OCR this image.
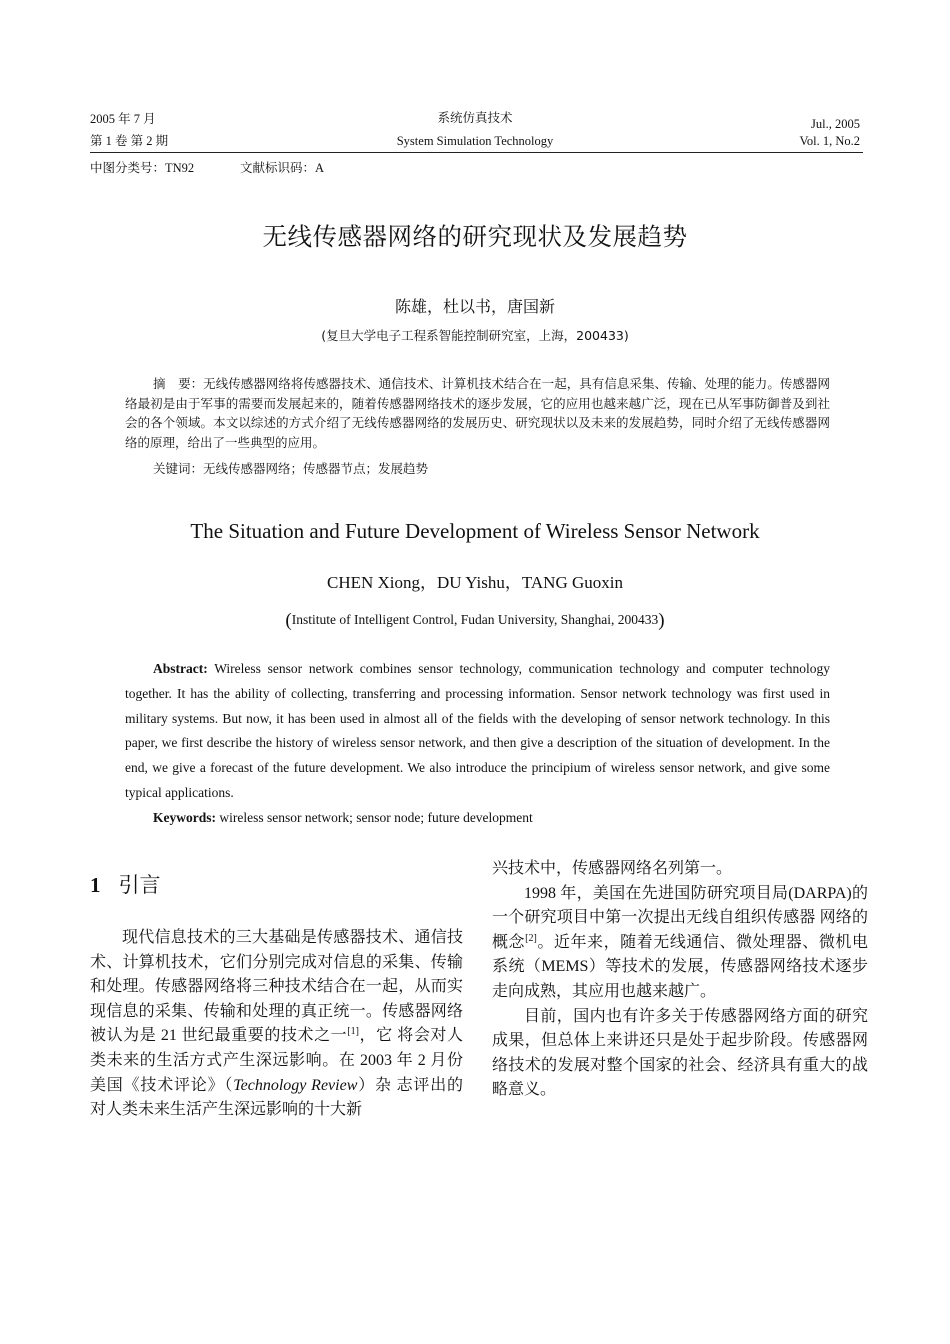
2005 年 7 月
第 1 卷 第 2 期
系统仿真技术
System Simulation Technology
Jul., 2005
Vol. 1, No.2
中图分类号：TN92	文献标识码：A
无线传感器网络的研究现状及发展趋势
陈雄，杜以书，唐国新
(复旦大学电子工程系智能控制研究室，上海，200433)

摘　要：无线传感器网络将传感器技术、通信技术、计算机技术结合在一起，具有信息采集、传输、处理的能力。传感器网络最初是由于军事的需要而发展起来的，随着传感器网络技术的逐步发展，它的应用也越来越广泛，现在已从军事防御普及到社会的各个领域。本文以综述的方式介绍了无线传感器网络的发展历史、研究现状以及未来的发展趋势，同时介绍了无线传感器网络的原理，给出了一些典型的应用。

关键词：无线传感器网络；传感器节点；发展趋势
The Situation and Future Development of Wireless Sensor Network
CHEN Xiong，DU Yishu，TANG Guoxin
(Institute of Intelligent Control, Fudan University, Shanghai, 200433)

Abstract: Wireless sensor network combines sensor technology, communication technology and computer technology together. It has the ability of collecting, transferring and processing information. Sensor network technology was first used in military systems. But now, it has been used in almost all of the fields with the developing of sensor network technology. In this paper, we first describe the history of wireless sensor network, and then give a description of the situation of development. In the end, we give a forecast of the future development. We also introduce the principium of wireless sensor network, and give some typical applications.

Keywords: wireless sensor network; sensor node; future development
1 引言

现代信息技术的三大基础是传感器技术、通信技术、计算机技术，它们分别完成对信息的采集、传输和处理。传感器网络将三种技术结合在一起，从而实现信息的采集、传输和处理的真正统一。传感器网络被认为是 21 世纪最重要的技术之一[1]，它 将会对人类未来的生活方式产生深远影响。在 2003 年 2 月份美国《技术评论》（Technology Review）杂 志评出的对人类未来生活产生深远影响的十大新

兴技术中，传感器网络名列第一。

1998 年，美国在先进国防研究项目局(DARPA)的一个研究项目中第一次提出无线自组织传感器 网络的概念[2]。近年来，随着无线通信、微处理器、微机电系统（MEMS）等技术的发展，传感器网络技术逐步走向成熟，其应用也越来越广。

目前，国内也有许多关于传感器网络方面的研究成果，但总体上来讲还只是处于起步阶段。传感器网络技术的发展对整个国家的社会、经济具有重大的战略意义。
